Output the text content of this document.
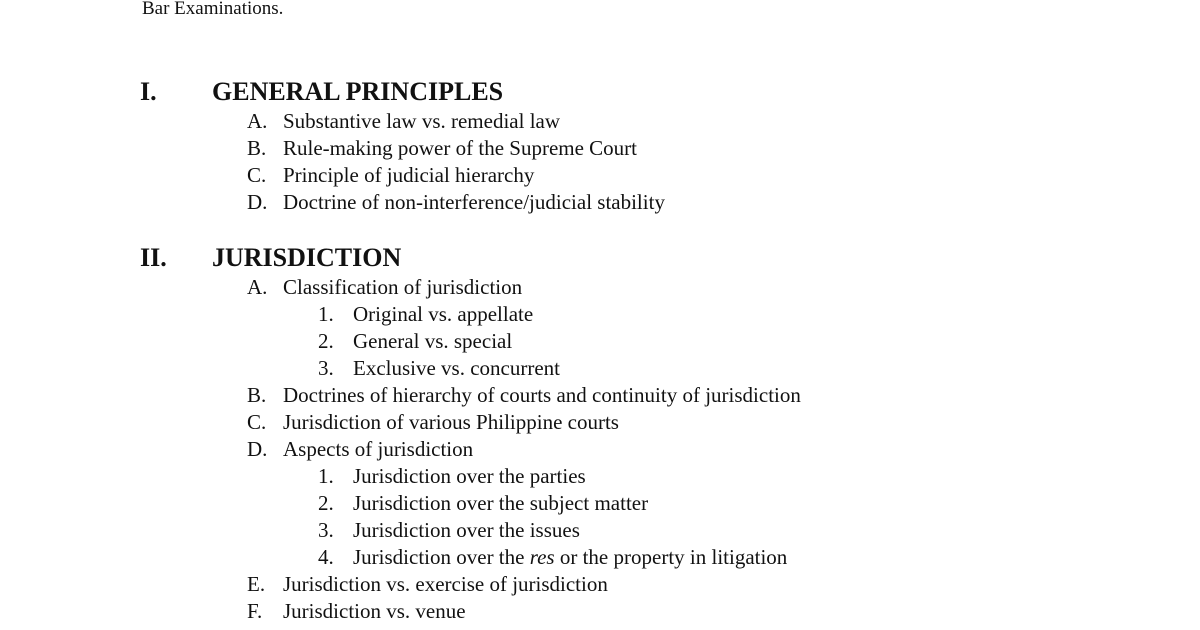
Bar Examinations.
I. GENERAL PRINCIPLES
A. Substantive law vs. remedial law
B. Rule-making power of the Supreme Court
C. Principle of judicial hierarchy
D. Doctrine of non-interference/judicial stability
II. JURISDICTION
A. Classification of jurisdiction
1. Original vs. appellate
2. General vs. special
3. Exclusive vs. concurrent
B. Doctrines of hierarchy of courts and continuity of jurisdiction
C. Jurisdiction of various Philippine courts
D. Aspects of jurisdiction
1. Jurisdiction over the parties
2. Jurisdiction over the subject matter
3. Jurisdiction over the issues
4. Jurisdiction over the res or the property in litigation
E. Jurisdiction vs. exercise of jurisdiction
F. Jurisdiction vs. venue
